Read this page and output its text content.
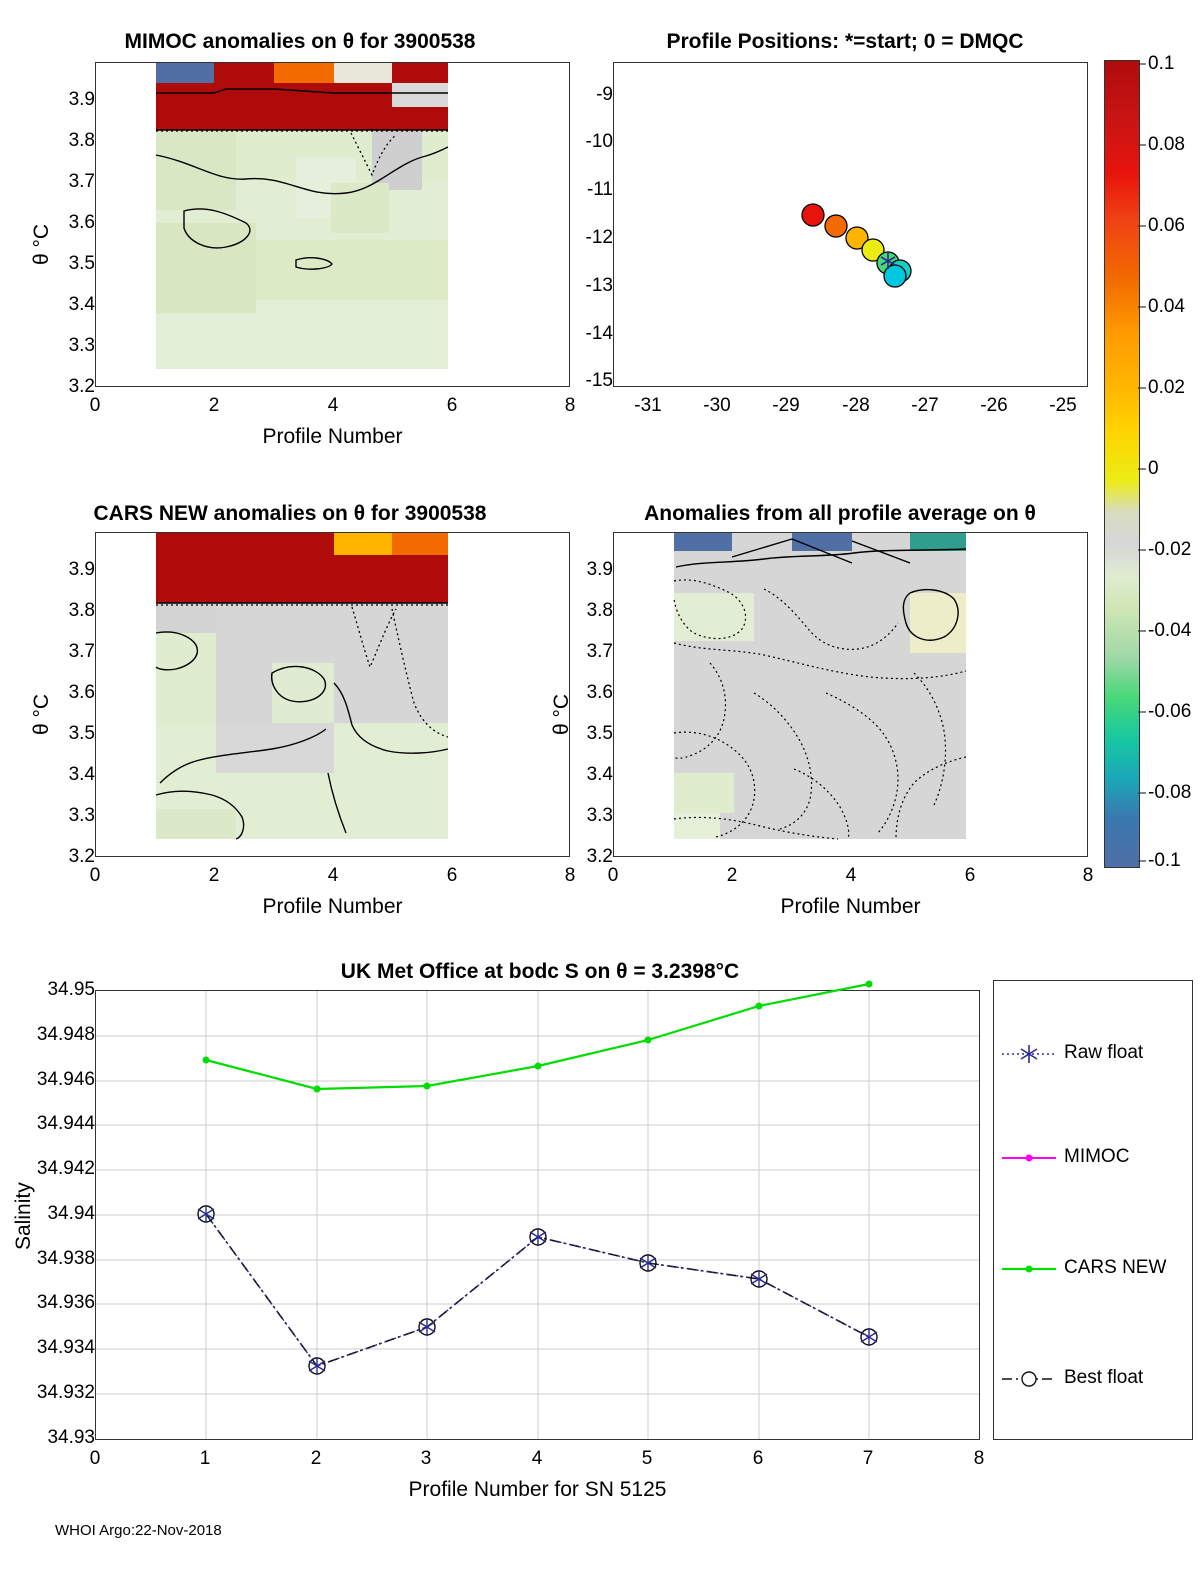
MIMOC anomalies on θ for 3900538
3.9
3.8
3.7
3.6
3.5
3.4
3.3
3.2
0	2	4	6	8
Profile Number
θ °C
Profile Positions: *=start; 0 = DMQC
-9
-10
-11
-12
-13
-14
-15
-31 -30 -29 -28 -27 -26 -25
CARS NEW anomalies on θ for 3900538
3.9
3.8
3.7
3.6
3.5
3.4
3.3
3.2
0	2	4	6	8
Profile Number
θ °C
Anomalies from all profile average on θ
3.9
3.8
3.7
3.6
3.5
3.4
3.3
3.2
0	2	4	6	8
Profile Number
θ °C
0.1
0.08
0.06
0.04
0.02
0
-0.02
-0.04
-0.06
-0.08
-0.1
UK Met Office at bodc S on θ = 3.2398°C
34.95
34.948
34.946
34.944
34.942
34.94
34.938
34.936
34.934
34.932
34.93
0	1	2	3	4	5	6	7	8
Profile Number for SN 5125
Salinity
Raw float
MIMOC
CARS NEW
Best float
WHOI Argo:22-Nov-2018
